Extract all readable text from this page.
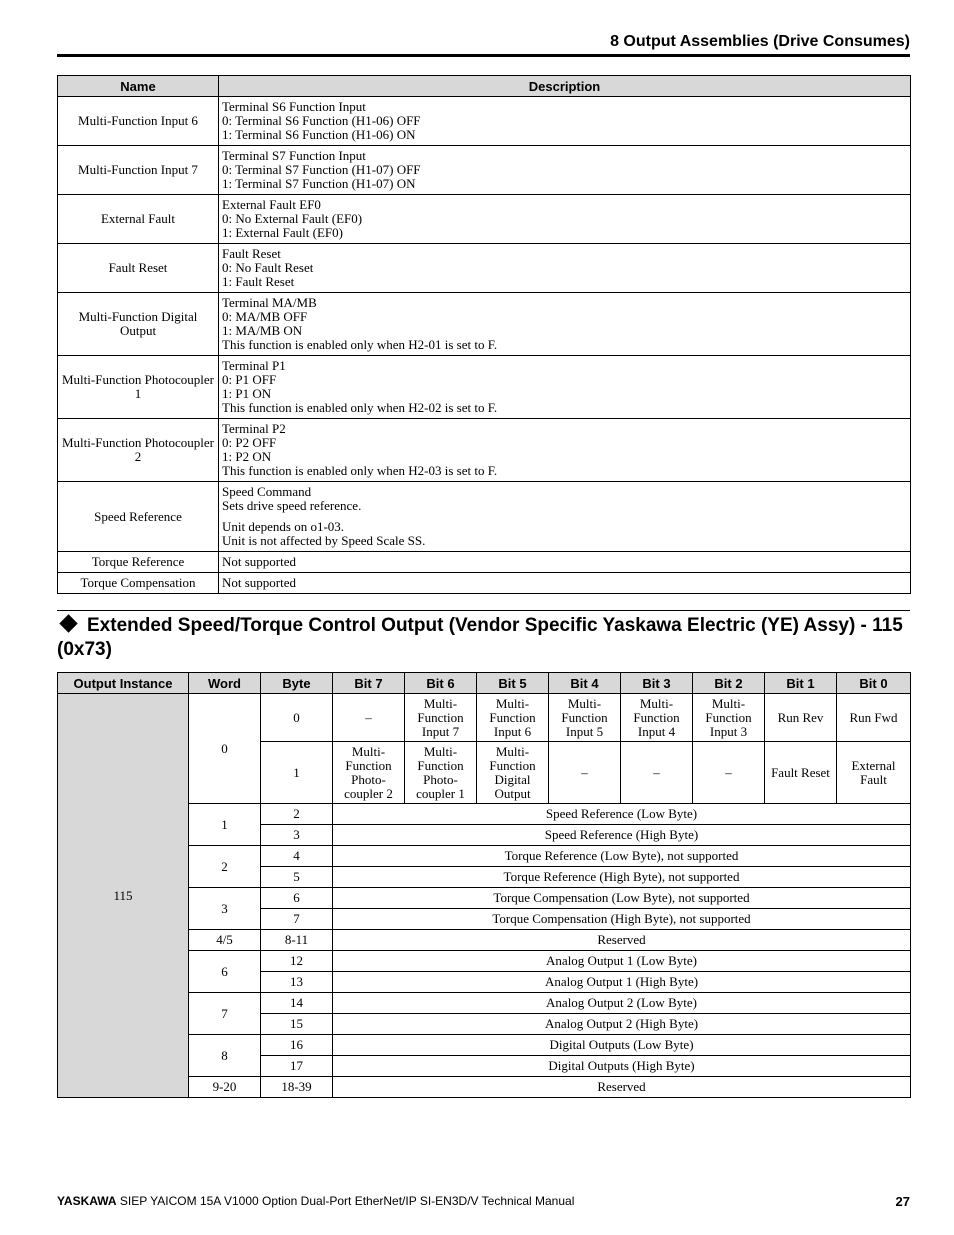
8 Output Assemblies (Drive Consumes)
Name	Description
Multi-Function Input 6	Terminal S6 Function Input
0: Terminal S6 Function (H1-06) OFF
1: Terminal S6 Function (H1-06) ON

Multi-Function Input 7	Terminal S7 Function Input
0: Terminal S7 Function (H1-07) OFF
1: Terminal S7 Function (H1-07) ON

External Fault	External Fault EF0
0: No External Fault (EF0)
1: External Fault (EF0)

Fault Reset	Fault Reset
0: No Fault Reset
1: Fault Reset

Multi-Function Digital Output	Terminal MA/MB
0: MA/MB OFF
1: MA/MB ON
This function is enabled only when H2-01 is set to F.

Multi-Function Photocoupler 1	Terminal P1
0: P1 OFF
1: P1 ON
This function is enabled only when H2-02 is set to F.

Multi-Function Photocoupler 2	Terminal P2
0: P2 OFF
1: P2 ON
This function is enabled only when H2-03 is set to F.

Speed Reference	Speed Command
Sets drive speed reference.
Unit depends on o1-03.
Unit is not affected by Speed Scale SS.

Torque Reference	Not supported
Torque Compensation	Not supported
Extended Speed/Torque Control Output (Vendor Specific Yaskawa Electric (YE) Assy) - 115 (0x73)
Output Instance	Word	Byte	Bit 7	Bit 6	Bit 5	Bit 4	Bit 3	Bit 2	Bit 1	Bit 0
115	0	0	–	Multi-Function Input 7	Multi-Function Input 6	Multi-Function Input 5	Multi-Function Input 4	Multi-Function Input 3	Run Rev	Run Fwd
		1	Multi-Function Photo-coupler 2	Multi-Function Photo-coupler 1	Multi-Function Digital Output	–	–	–	Fault Reset	External Fault
	1	2	Speed Reference (Low Byte)							
		3	Speed Reference (High Byte)							
	2	4	Torque Reference (Low Byte), not supported							
		5	Torque Reference (High Byte), not supported							
	3	6	Torque Compensation (Low Byte), not supported							
		7	Torque Compensation (High Byte), not supported							
	4/5	8-11	Reserved							
	6	12	Analog Output 1 (Low Byte)							
		13	Analog Output 1 (High Byte)							
	7	14	Analog Output 2 (Low Byte)							
		15	Analog Output 2 (High Byte)							
	8	16	Digital Outputs (Low Byte)							
		17	Digital Outputs (High Byte)							
	9-20	18-39	Reserved							
YASKAWA SIEP YAICOM 15A V1000 Option Dual-Port EtherNet/IP SI-EN3D/V Technical Manual	27
